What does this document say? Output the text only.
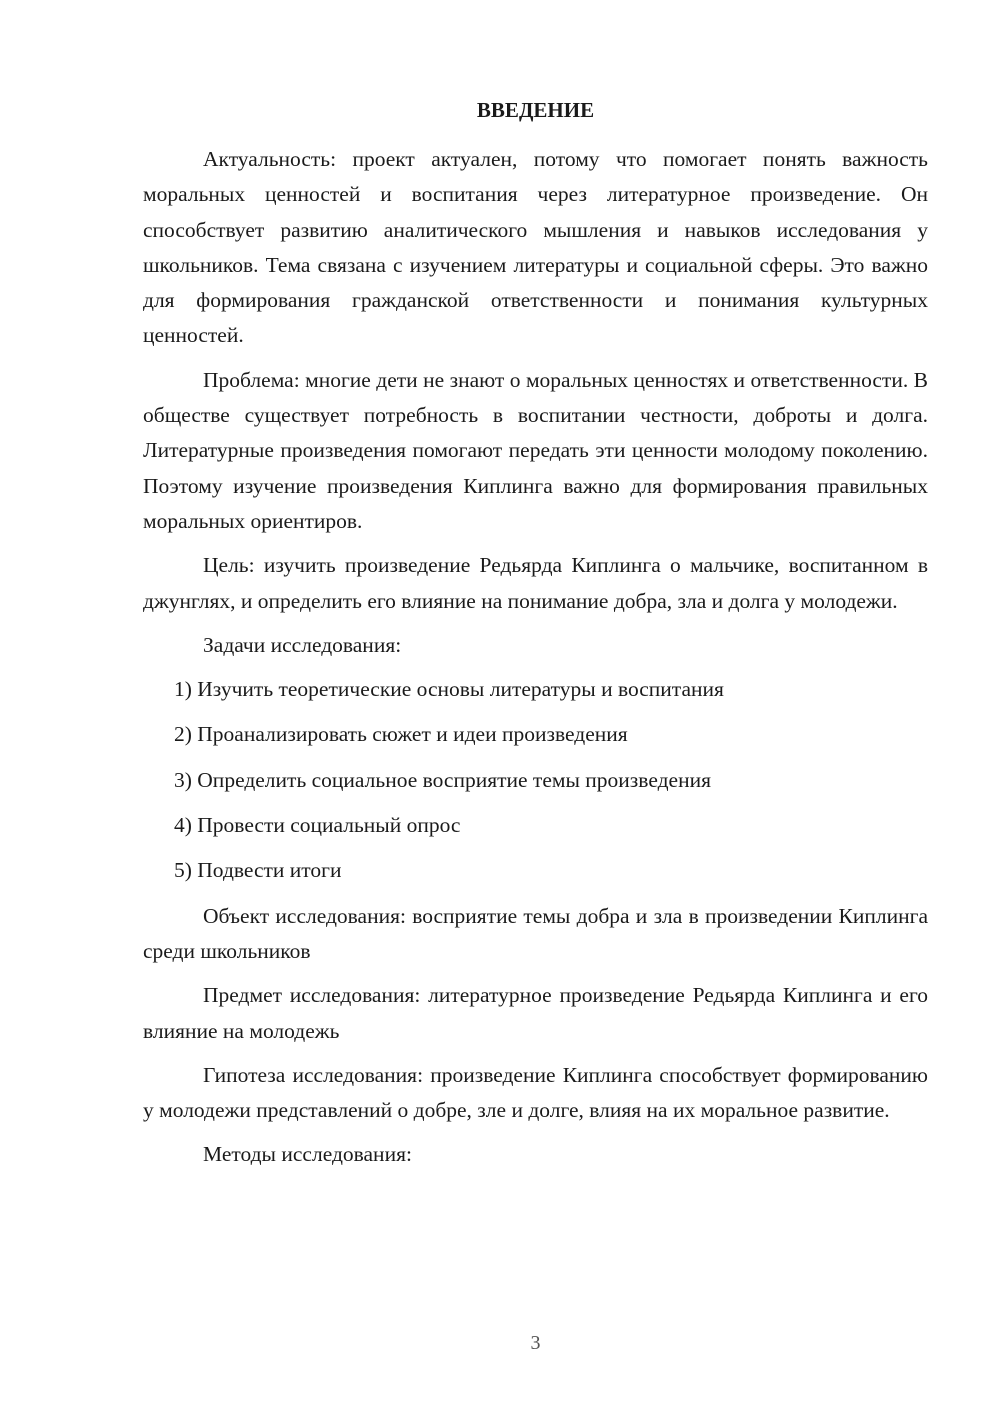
ВВЕДЕНИЕ

Актуальность: проект актуален, потому что помогает понять важность моральных ценностей и воспитания через литературное произведение. Он способствует развитию аналитического мышления и навыков исследования у школьников. Тема связана с изучением литературы и социальной сферы. Это важно для формирования гражданской ответственности и понимания культурных ценностей.

Проблема: многие дети не знают о моральных ценностях и ответственности. В обществе существует потребность в воспитании честности, доброты и долга. Литературные произведения помогают передать эти ценности молодому поколению. Поэтому изучение произведения Киплинга важно для формирования правильных моральных ориентиров.

Цель: изучить произведение Редьярда Киплинга о мальчике, воспитанном в джунглях, и определить его влияние на понимание добра, зла и долга у молодежи.

Задачи исследования:

1) Изучить теоретические основы литературы и воспитания
2) Проанализировать сюжет и идеи произведения
3) Определить социальное восприятие темы произведения
4) Провести социальный опрос
5) Подвести итоги

Объект исследования: восприятие темы добра и зла в произведении Киплинга среди школьников

Предмет исследования: литературное произведение Редьярда Киплинга и его влияние на молодежь

Гипотеза исследования: произведение Киплинга способствует формированию у молодежи представлений о добре, зле и долге, влияя на их моральное развитие.

Методы исследования:

3
